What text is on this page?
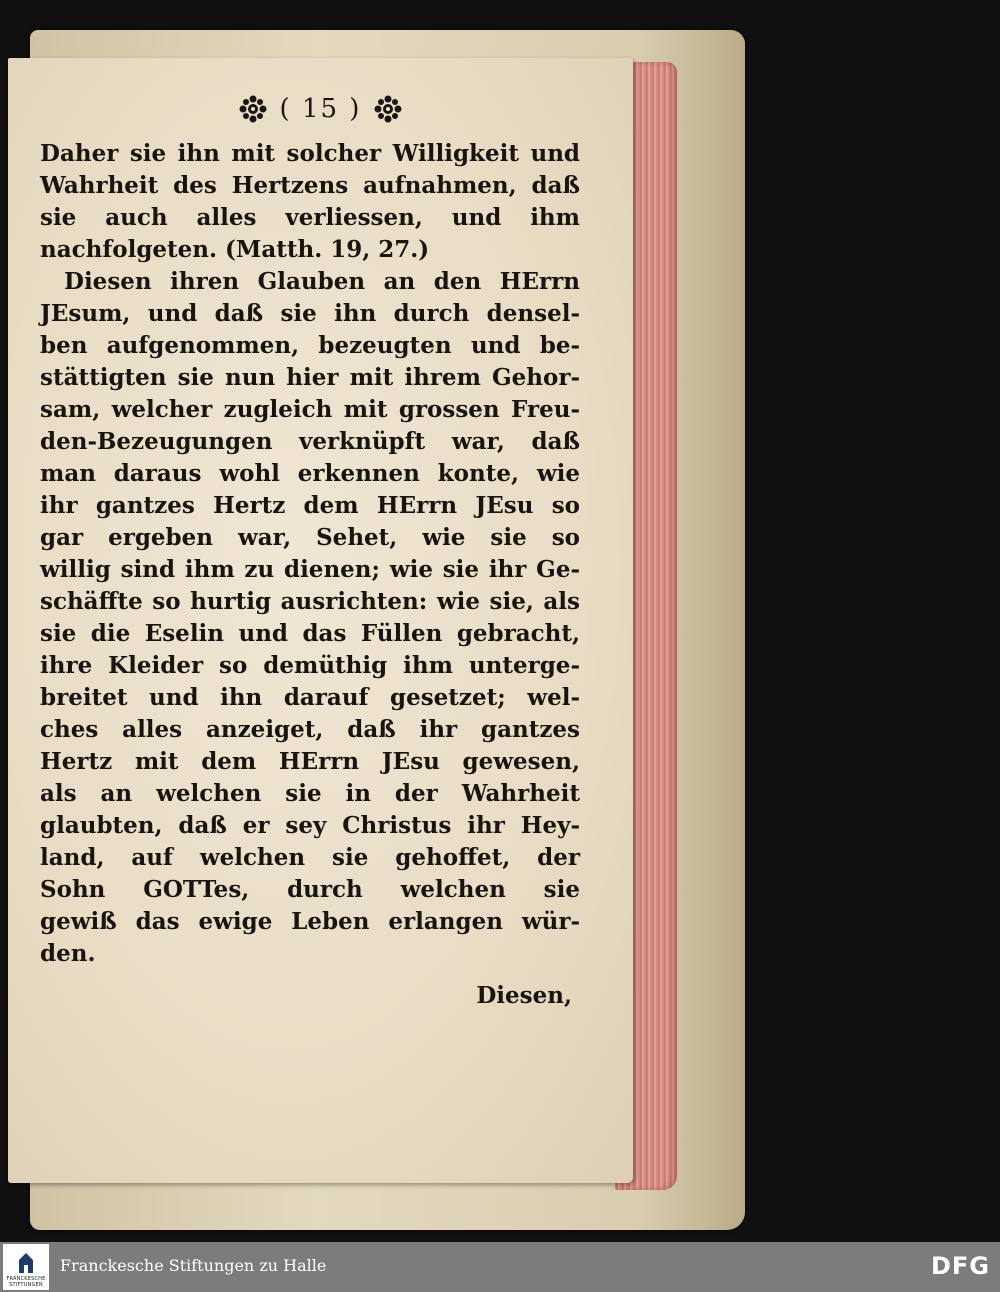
( 15 )
Daher sie ihn mit solcher Willigkeit und
Wahrheit des Hertzens aufnahmen, daß
sie auch alles verliessen, und ihm
nachfolgeten. (Matth. 19, 27.)
Diesen ihren Glauben an den HErrn
JEsum, und daß sie ihn durch densel-
ben aufgenommen, bezeugten und be-
stättigten sie nun hier mit ihrem Gehor-
sam, welcher zugleich mit grossen Freu-
den-Bezeugungen verknüpft war, daß
man daraus wohl erkennen konte, wie
ihr gantzes Hertz dem HErrn JEsu so
gar ergeben war, Sehet, wie sie so
willig sind ihm zu dienen; wie sie ihr Ge-
schäffte so hurtig ausrichten: wie sie, als
sie die Eselin und das Füllen gebracht,
ihre Kleider so demüthig ihm unterge-
breitet und ihn darauf gesetzet; wel-
ches alles anzeiget, daß ihr gantzes
Hertz mit dem HErrn JEsu gewesen,
als an welchen sie in der Wahrheit
glaubten, daß er sey Christus ihr Hey-
land, auf welchen sie gehoffet, der
Sohn GOTTes, durch welchen sie
gewiß das ewige Leben erlangen wür-
den.
Diesen,
FRANCKESCHE
STIFTUNGEN
Franckesche Stiftungen zu Halle	DFG
